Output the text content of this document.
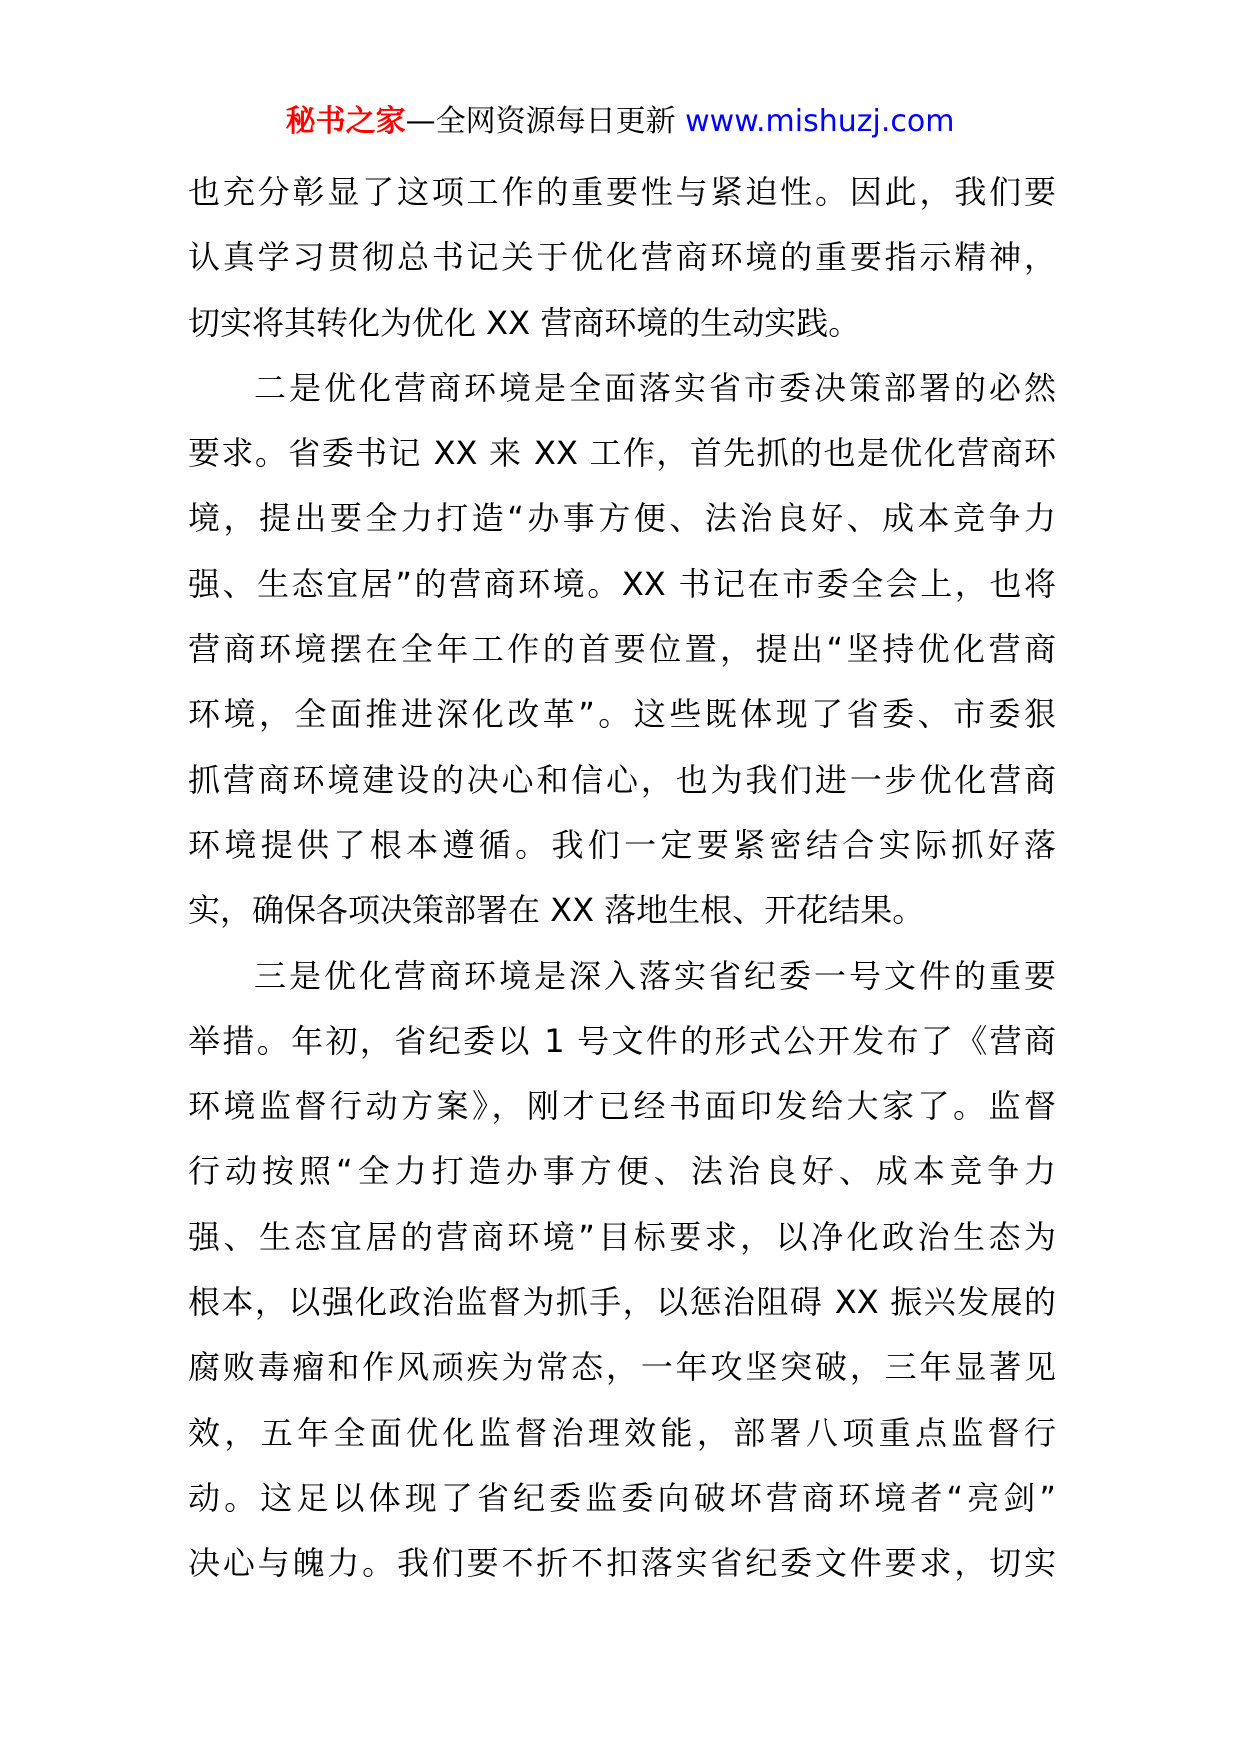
秘书之家—全网资源每日更新 www.mishuzj.com
也充分彰显了这项工作的重要性与紧迫性。因此，我们要
认真学习贯彻总书记关于优化营商环境的重要指示精神，
切实将其转化为优化 XX 营商环境的生动实践。
二是优化营商环境是全面落实省市委决策部署的必然
要求。省委书记 XX 来 XX 工作，首先抓的也是优化营商环
境，提出要全力打造“办事方便、法治良好、成本竞争力
强、生态宜居”的营商环境。XX 书记在市委全会上，也将
营商环境摆在全年工作的首要位置，提出“坚持优化营商
环境，全面推进深化改革”。这些既体现了省委、市委狠
抓营商环境建设的决心和信心，也为我们进一步优化营商
环境提供了根本遵循。我们一定要紧密结合实际抓好落
实，确保各项决策部署在 XX 落地生根、开花结果。
三是优化营商环境是深入落实省纪委一号文件的重要
举措。年初，省纪委以 1 号文件的形式公开发布了《营商
环境监督行动方案》，刚才已经书面印发给大家了。监督
行动按照“全力打造办事方便、法治良好、成本竞争力
强、生态宜居的营商环境”目标要求，以净化政治生态为
根本，以强化政治监督为抓手，以惩治阻碍 XX 振兴发展的
腐败毒瘤和作风顽疾为常态，一年攻坚突破，三年显著见
效，五年全面优化监督治理效能，部署八项重点监督行
动。这足以体现了省纪委监委向破坏营商环境者“亮剑”
决心与魄力。我们要不折不扣落实省纪委文件要求，切实
